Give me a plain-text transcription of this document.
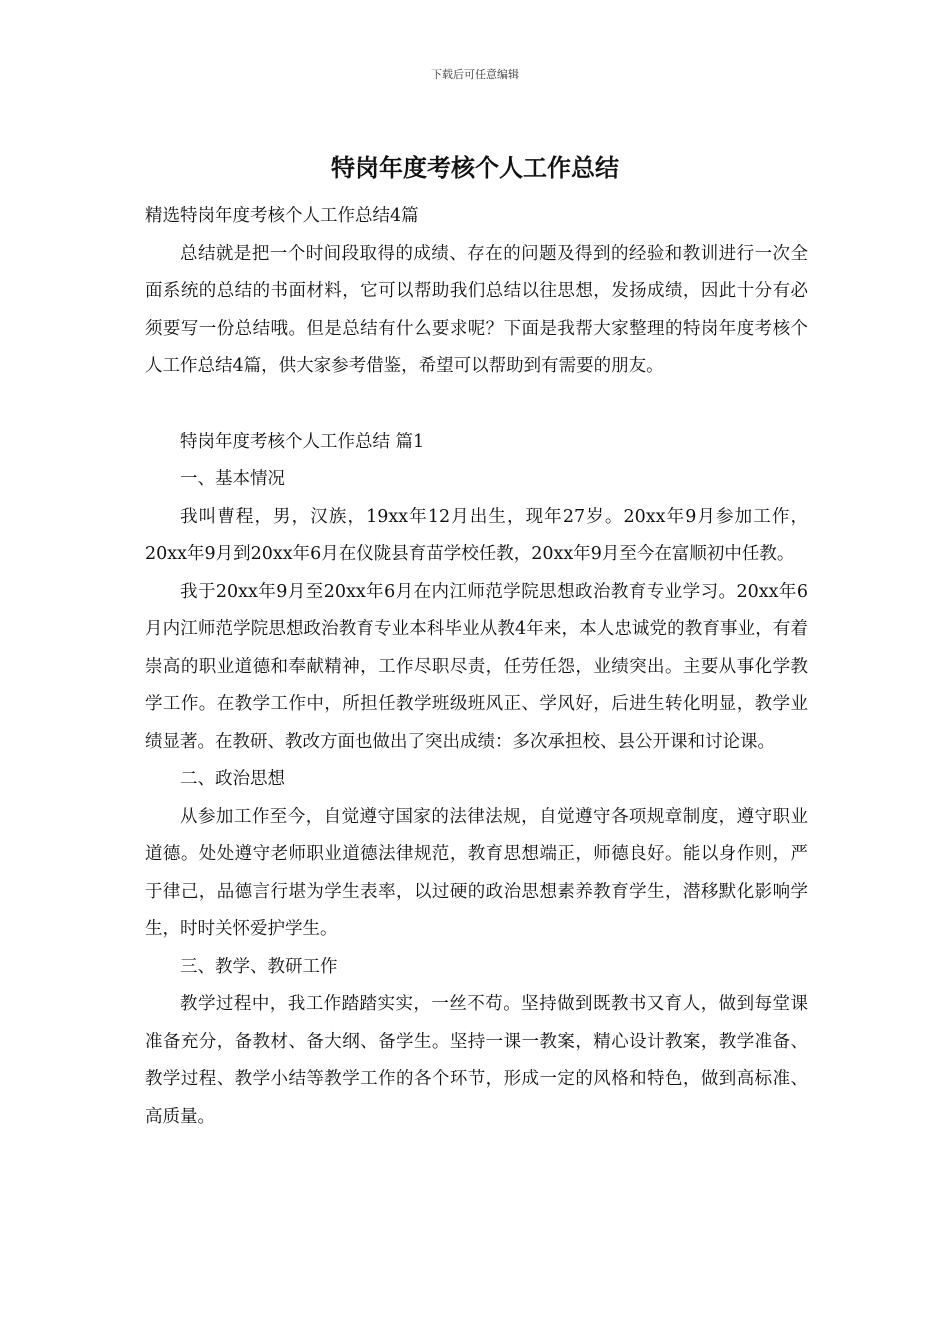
下载后可任意编辑
特岗年度考核个人工作总结

精选特岗年度考核个人工作总结4篇

总结就是把一个时间段取得的成绩、存在的问题及得到的经验和教训进行一次全面系统的总结的书面材料，它可以帮助我们总结以往思想，发扬成绩，因此十分有必须要写一份总结哦。但是总结有什么要求呢？下面是我帮大家整理的特岗年度考核个人工作总结4篇，供大家参考借鉴，希望可以帮助到有需要的朋友。

特岗年度考核个人工作总结 篇1

一、基本情况

我叫曹程，男，汉族，19xx年12月出生，现年27岁。20xx年9月参加工作，20xx年9月到20xx年6月在仪陇县育苗学校任教，20xx年9月至今在富顺初中任教。

我于20xx年9月至20xx年6月在内江师范学院思想政治教育专业学习。20xx年6月内江师范学院思想政治教育专业本科毕业从教4年来，本人忠诚党的教育事业，有着崇高的职业道德和奉献精神，工作尽职尽责，任劳任怨，业绩突出。主要从事化学教学工作。在教学工作中，所担任教学班级班风正、学风好，后进生转化明显，教学业绩显著。在教研、教改方面也做出了突出成绩：多次承担校、县公开课和讨论课。

二、政治思想

从参加工作至今，自觉遵守国家的法律法规，自觉遵守各项规章制度，遵守职业道德。处处遵守老师职业道德法律规范，教育思想端正，师德良好。能以身作则，严于律己，品德言行堪为学生表率，以过硬的政治思想素养教育学生，潜移默化影响学生，时时关怀爱护学生。

三、教学、教研工作

教学过程中，我工作踏踏实实，一丝不苟。坚持做到既教书又育人，做到每堂课准备充分，备教材、备大纲、备学生。坚持一课一教案，精心设计教案，教学准备、教学过程、教学小结等教学工作的各个环节，形成一定的风格和特色，做到高标准、高质量。
